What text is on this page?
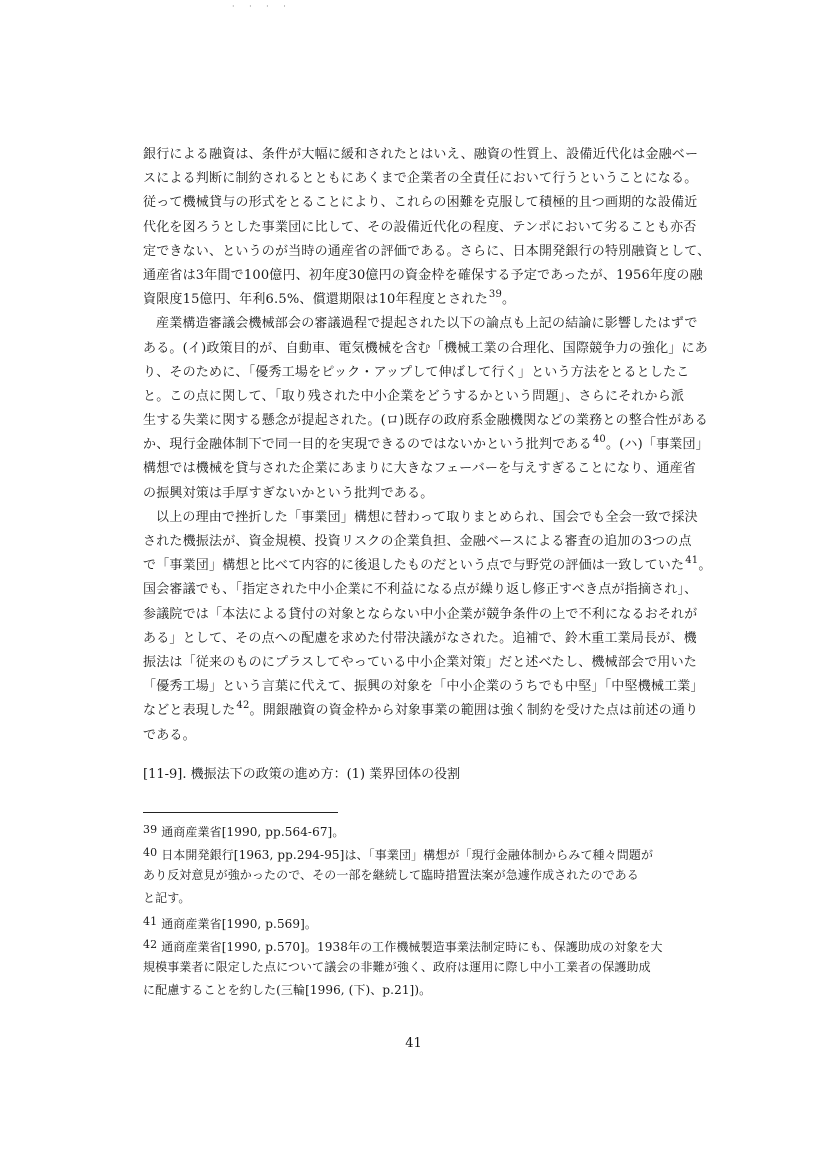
· · · ·
銀行による融資は、条件が大幅に緩和されたとはいえ、融資の性質上、設備近代化は金融ベー
スによる判断に制約されるとともにあくまで企業者の全責任において行うということになる。
従って機械貸与の形式をとることにより、これらの困難を克服して積極的且つ画期的な設備近
代化を図ろうとした事業団に比して、その設備近代化の程度、テンポにおいて劣ることも亦否
定できない、というのが当時の通産省の評価である。さらに、日本開発銀行の特別融資として、
通産省は3年間で100億円、初年度30億円の資金枠を確保する予定であったが、1956年度の融
資限度15億円、年利6.5%、償還期限は10年程度とされた$^{39}$。
産業構造審議会機械部会の審議過程で提起された以下の論点も上記の結論に影響したはずで
ある。(イ)政策目的が、自動車、電気機械を含む「機械工業の合理化、国際競争力の強化」にあ
り、そのために、「優秀工場をピック・アップして伸ばして行く」という方法をとるとしたこ
と。この点に関して、「取り残された中小企業をどうするかという問題」、さらにそれから派
生する失業に関する懸念が提起された。(ロ)既存の政府系金融機関などの業務との整合性がある
か、現行金融体制下で同一目的を実現できるのではないかという批判である$^{40}$。(ハ)「事業団」
構想では機械を貸与された企業にあまりに大きなフェーバーを与えすぎることになり、通産省
の振興対策は手厚すぎないかという批判である。
以上の理由で挫折した「事業団」構想に替わって取りまとめられ、国会でも全会一致で採決
された機振法が、資金規模、投資リスクの企業負担、金融ベースによる審査の追加の3つの点
で「事業団」構想と比べて内容的に後退したものだという点で与野党の評価は一致していた$^{41}$。
国会審議でも、「指定された中小企業に不利益になる点が繰り返し修正すべき点が指摘され」、
参議院では「本法による貸付の対象とならない中小企業が競争条件の上で不利になるおそれが
ある」として、その点への配慮を求めた付帯決議がなされた。追補で、鈴木重工業局長が、機
振法は「従来のものにプラスしてやっている中小企業対策」だと述べたし、機械部会で用いた
「優秀工場」という言葉に代えて、振興の対象を「中小企業のうちでも中堅」「中堅機械工業」
などと表現した$^{42}$。開銀融資の資金枠から対象事業の範囲は強く制約を受けた点は前述の通り
である。
[11-9]. 機振法下の政策の進め方：(1) 業界団体の役割
39 通商産業省[1990, pp.564-67]。
40 日本開発銀行[1963, pp.294-95]は、「事業団」構想が「現行金融体制からみて種々問題が
あり反対意見が強かったので、その一部を継続して臨時措置法案が急遽作成されたのである
と記す。
41 通商産業省[1990, p.569]。
42 通商産業省[1990, p.570]。1938年の工作機械製造事業法制定時にも、保護助成の対象を大
規模事業者に限定した点について議会の非難が強く、政府は運用に際し中小工業者の保護助成
に配慮することを約した(三輪[1996, (下)、p.21])。
41
